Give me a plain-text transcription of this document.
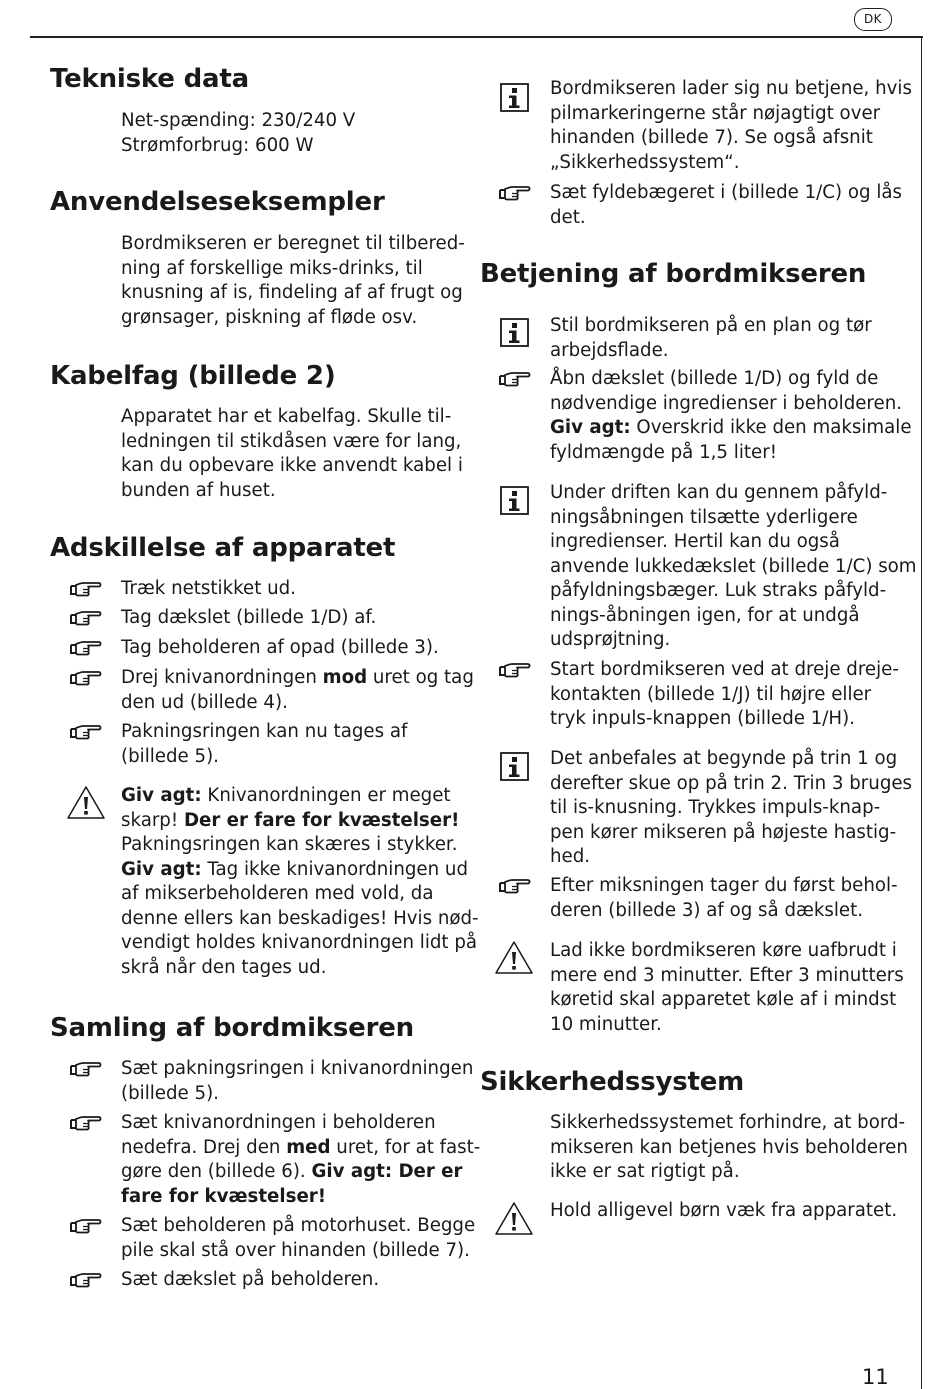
DK
Tekniske data
Net-spænding: 230/240 V
Strømforbrug: 600 W
Anvendelseseksempler
Bordmikseren er beregnet til tilbered-
ning af forskellige miks-drinks, til
knusning af is, findeling af af frugt og
grønsager, piskning af fløde osv.
Kabelfag (billede 2)
Apparatet har et kabelfag. Skulle til-
ledningen til stikdåsen være for lang,
kan du opbevare ikke anvendt kabel i
bunden af huset.
Adskillelse af apparatet
Træk netstikket ud.
Tag dækslet (billede 1/D) af.
Tag beholderen af opad (billede 3).
Drej knivanordningen mod uret og tag
den ud (billede 4).
Pakningsringen kan nu tages af
(billede 5).
Giv agt: Knivanordningen er meget
skarp! Der er fare for kvæstelser!
Pakningsringen kan skæres i stykker.
Giv agt: Tag ikke knivanordningen ud
af mikserbeholderen med vold, da
denne ellers kan beskadiges! Hvis nød-
vendigt holdes knivanordningen lidt på
skrå når den tages ud.
Samling af bordmikseren
Sæt pakningsringen i knivanordningen
(billede 5).
Sæt knivanordningen i beholderen
nedefra. Drej den med uret, for at fast-
gøre den (billede 6). Giv agt: Der er
fare for kvæstelser!
Sæt beholderen på motorhuset. Begge
pile skal stå over hinanden (billede 7).
Sæt dækslet på beholderen.
Bordmikseren lader sig nu betjene, hvis
pilmarkeringerne står nøjagtigt over
hinanden (billede 7). Se også afsnit
„Sikkerhedssystem“.
Sæt fyldebægeret i (billede 1/C) og lås
det.
Betjening af bordmikseren
Stil bordmikseren på en plan og tør
arbejdsflade.
Åbn dækslet (billede 1/D) og fyld de
nødvendige ingredienser i beholderen.
Giv agt: Overskrid ikke den maksimale
fyldmængde på 1,5 liter!
Under driften kan du gennem påfyld-
ningsåbningen tilsætte yderligere
ingredienser. Hertil kan du også
anvende lukkedækslet (billede 1/C) som
påfyldningsbæger. Luk straks påfyld-
nings-åbningen igen, for at undgå
udsprøjtning.
Start bordmikseren ved at dreje dreje-
kontakten (billede 1/J) til højre eller
tryk inpuls-knappen (billede 1/H).
Det anbefales at begynde på trin 1 og
derefter skue op på trin 2. Trin 3 bruges
til is-knusning. Trykkes impuls-knap-
pen kører mikseren på højeste hastig-
hed.
Efter miksningen tager du først behol-
deren (billede 3) af og så dækslet.
Lad ikke bordmikseren køre uafbrudt i
mere end 3 minutter. Efter 3 minutters
køretid skal apparetet køle af i mindst
10 minutter.
Sikkerhedssystem
Sikkerhedssystemet forhindre, at bord-
mikseren kan betjenes hvis beholderen
ikke er sat rigtigt på.
Hold alligevel børn væk fra apparatet.
11
